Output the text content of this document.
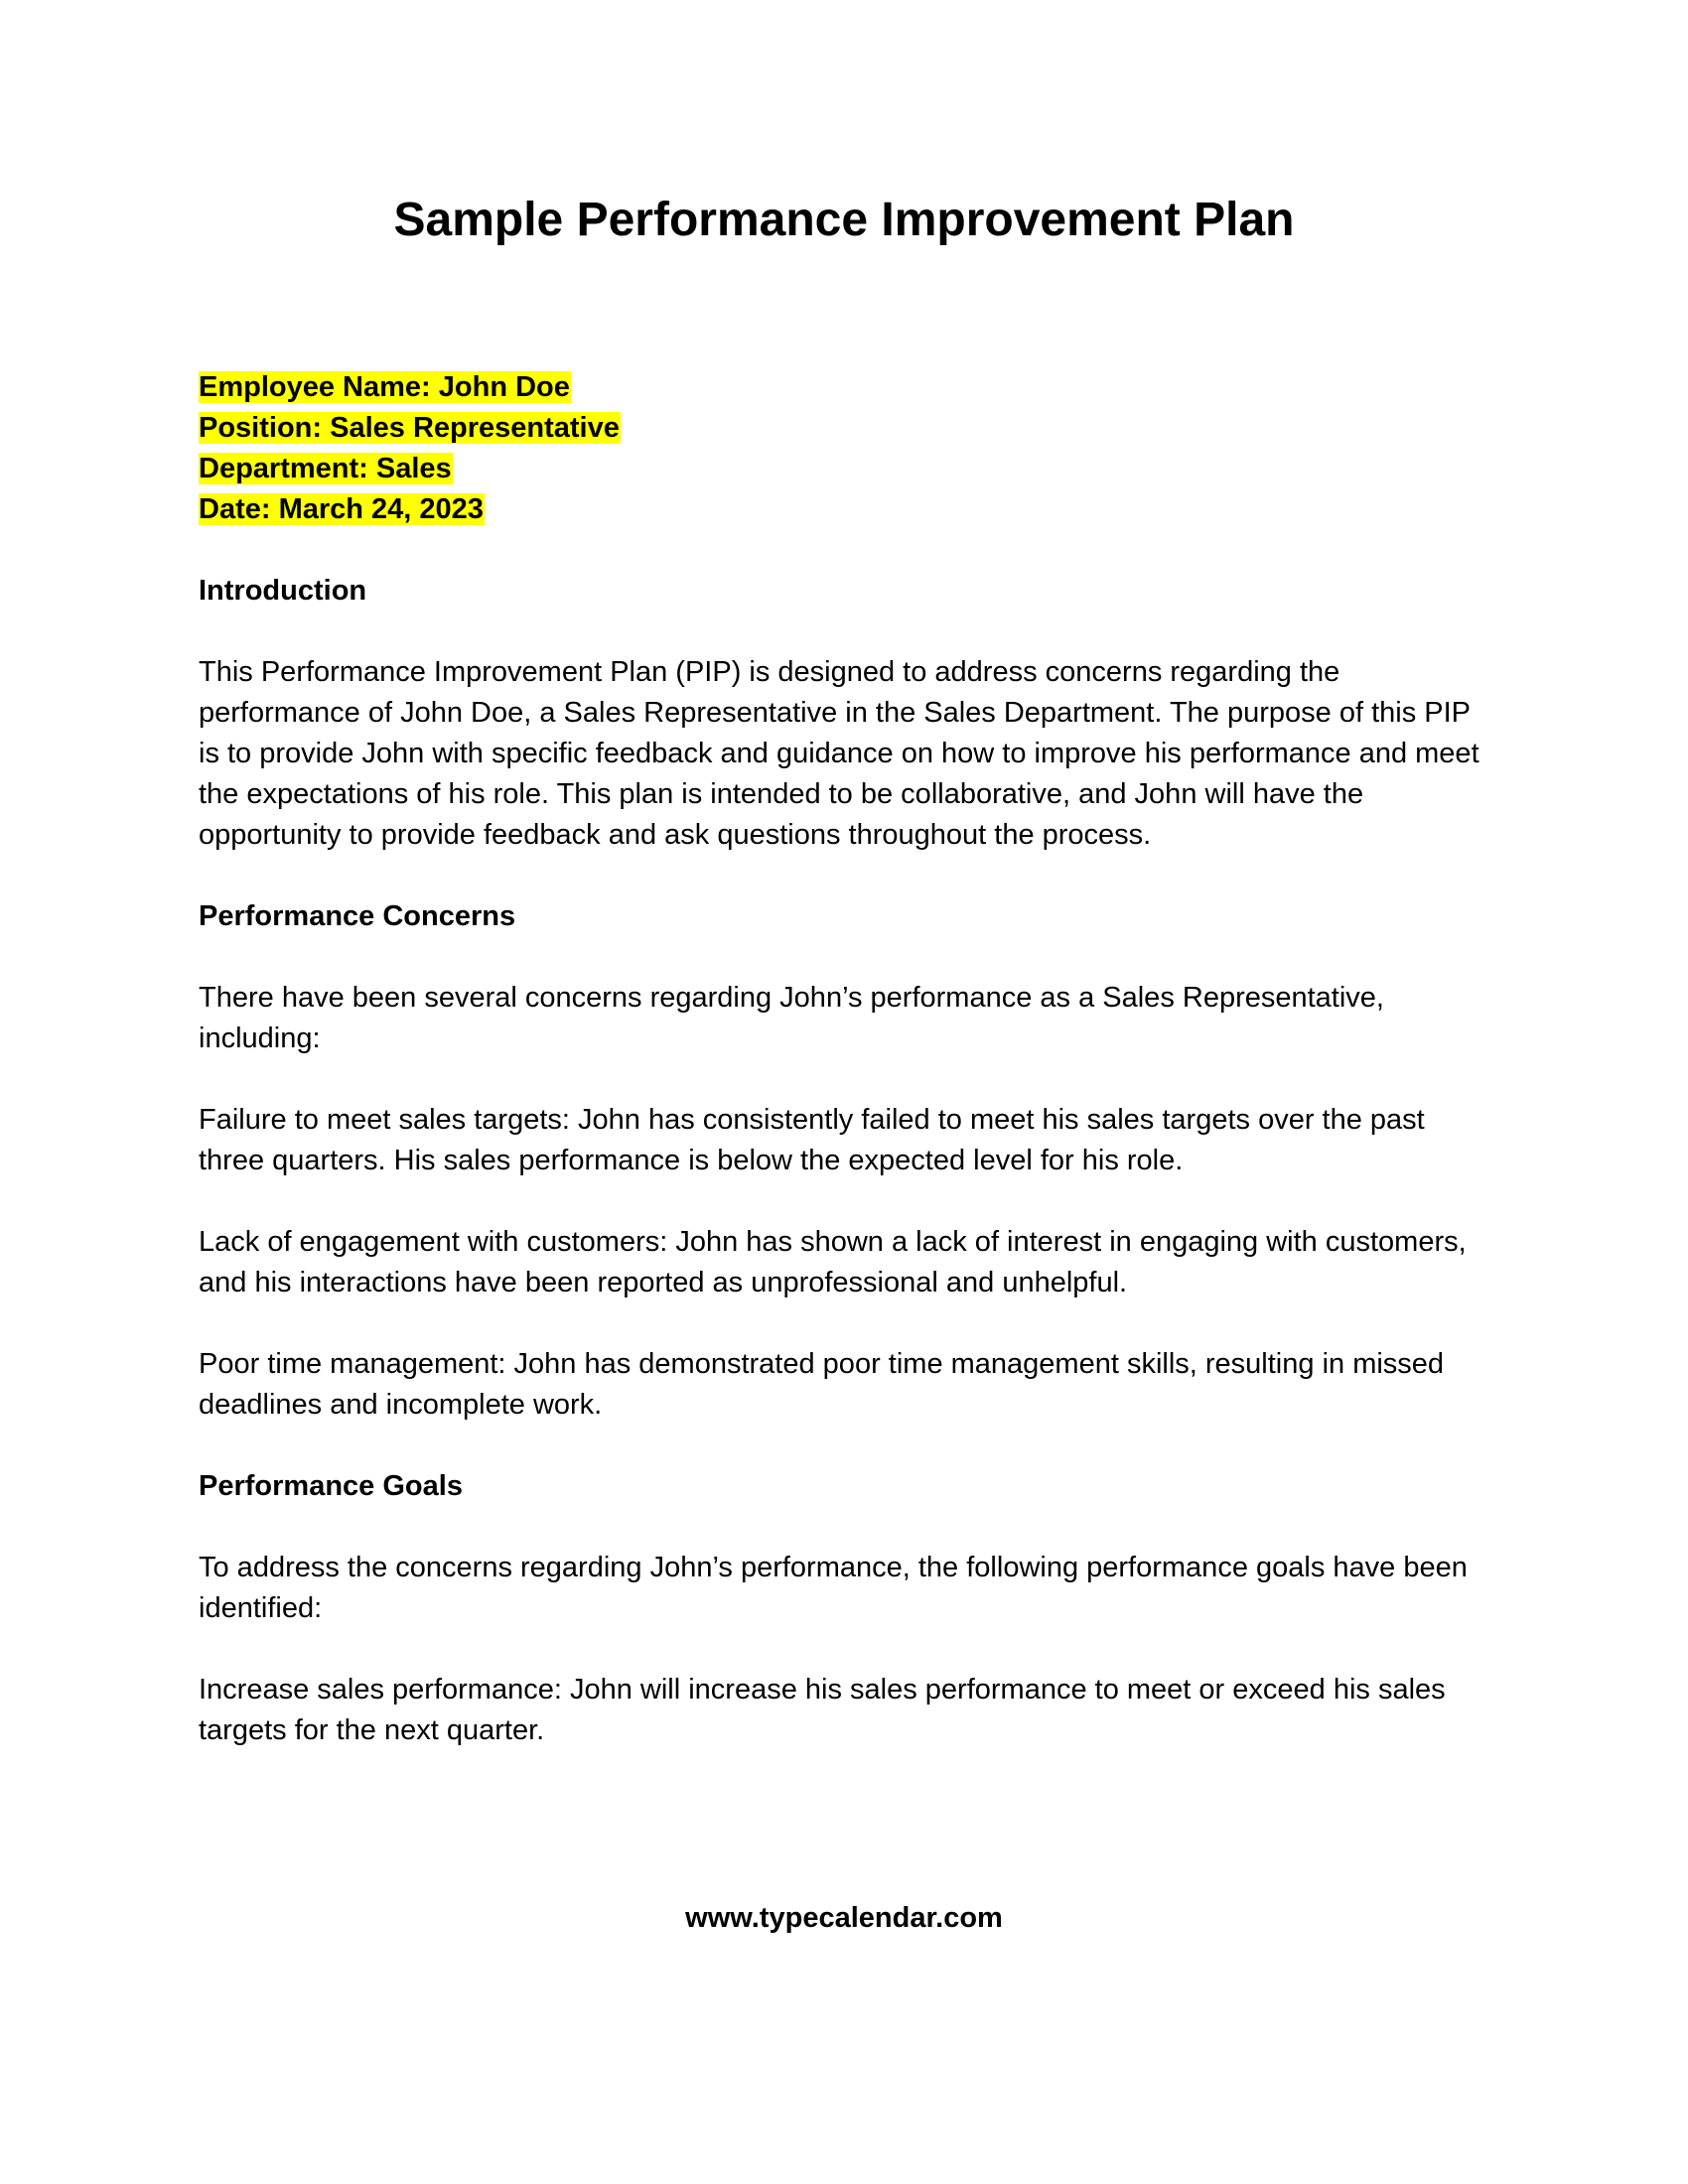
Sample Performance Improvement Plan

Employee Name: John Doe

Position: Sales Representative

Department: Sales

Date: March 24, 2023

Introduction

This Performance Improvement Plan (PIP) is designed to address concerns regarding the performance of John Doe, a Sales Representative in the Sales Department. The purpose of this PIP is to provide John with specific feedback and guidance on how to improve his performance and meet the expectations of his role. This plan is intended to be collaborative, and John will have the opportunity to provide feedback and ask questions throughout the process.

Performance Concerns

There have been several concerns regarding John’s performance as a Sales Representative, including:

Failure to meet sales targets: John has consistently failed to meet his sales targets over the past three quarters. His sales performance is below the expected level for his role.

Lack of engagement with customers: John has shown a lack of interest in engaging with customers, and his interactions have been reported as unprofessional and unhelpful.

Poor time management: John has demonstrated poor time management skills, resulting in missed deadlines and incomplete work.

Performance Goals

To address the concerns regarding John’s performance, the following performance goals have been identified:

Increase sales performance: John will increase his sales performance to meet or exceed his sales targets for the next quarter.

www.typecalendar.com
